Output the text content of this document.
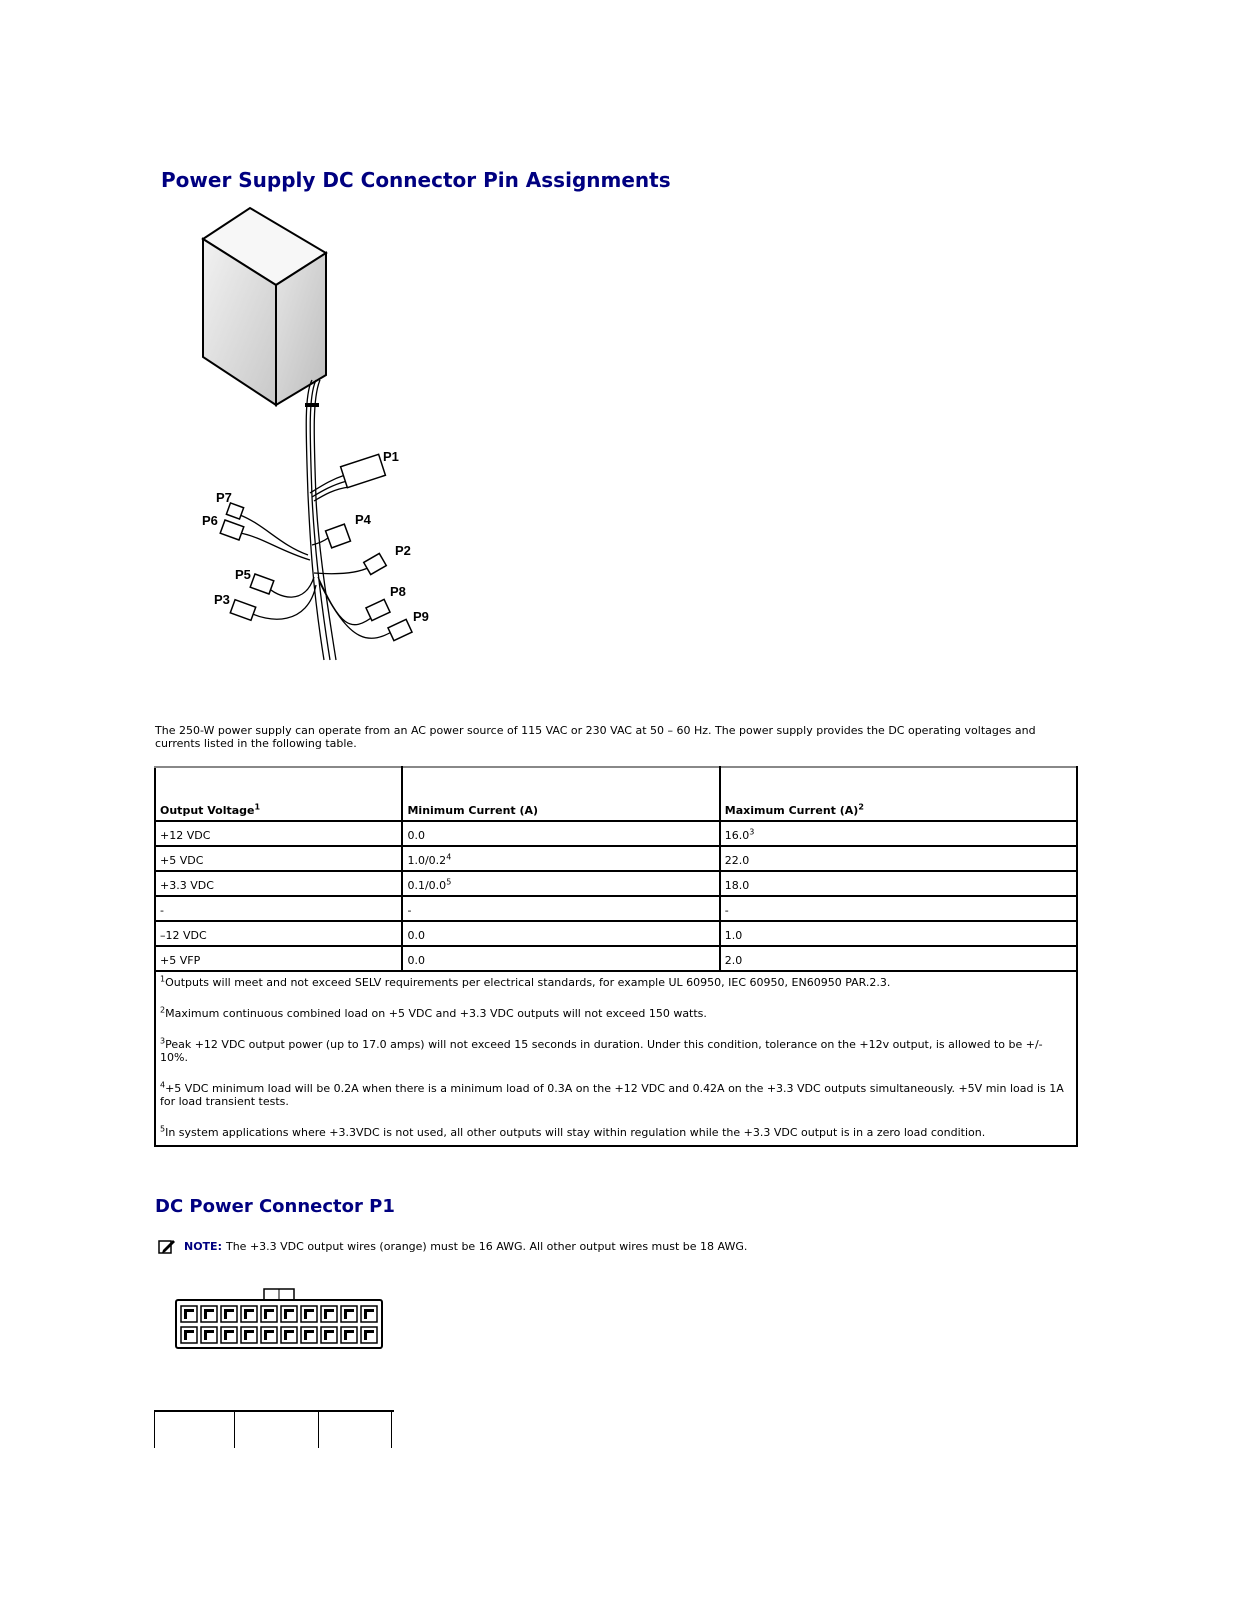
Power Supply DC Connector Pin Assignments
P1
P7
P6	P4
P2
P5
P8
P3
P9

The 250-W power supply can operate from an AC power source of 115 VAC or 230 VAC at 50 – 60 Hz. The power supply provides the DC operating voltages and currents listed in the following table.

Output Voltage$^1$	Minimum Current (A)	Maximum Current $(A)^2$
+12 VDC	0.0	$16.0^3$
+5 VDC	$1.0/0.2^4$	22.0
+3.3 VDC	$0.1/0.0^5$	18.0
-	-	-
–12 VDC	0.0	1.0
+5 VFP	0.0	2.0

$^1$Outputs will meet and not exceed SELV requirements per electrical standards, for example UL 60950, IEC 60950, EN60950 PAR.2.3.

$^2$Maximum continuous combined load on +5 VDC and +3.3 VDC outputs will not exceed 150 watts.

$^3$Peak +12 VDC output power (up to 17.0 amps) will not exceed 15 seconds in duration. Under this condition, tolerance on the +12v output, is allowed to be +/- 10%.

$^4$+5 VDC minimum load will be 0.2A when there is a minimum load of 0.3A on the +12 VDC and 0.42A on the +3.3 VDC outputs simultaneously. +5V min load is 1A for load transient tests.

$^5$In system applications where +3.3VDC is not used, all other outputs will stay within regulation while the +3.3 VDC output is in a zero load condition.		

DC Power Connector P1
NOTE: The +3.3 VDC output wires (orange) must be 16 AWG. All other output wires must be 18 AWG.
